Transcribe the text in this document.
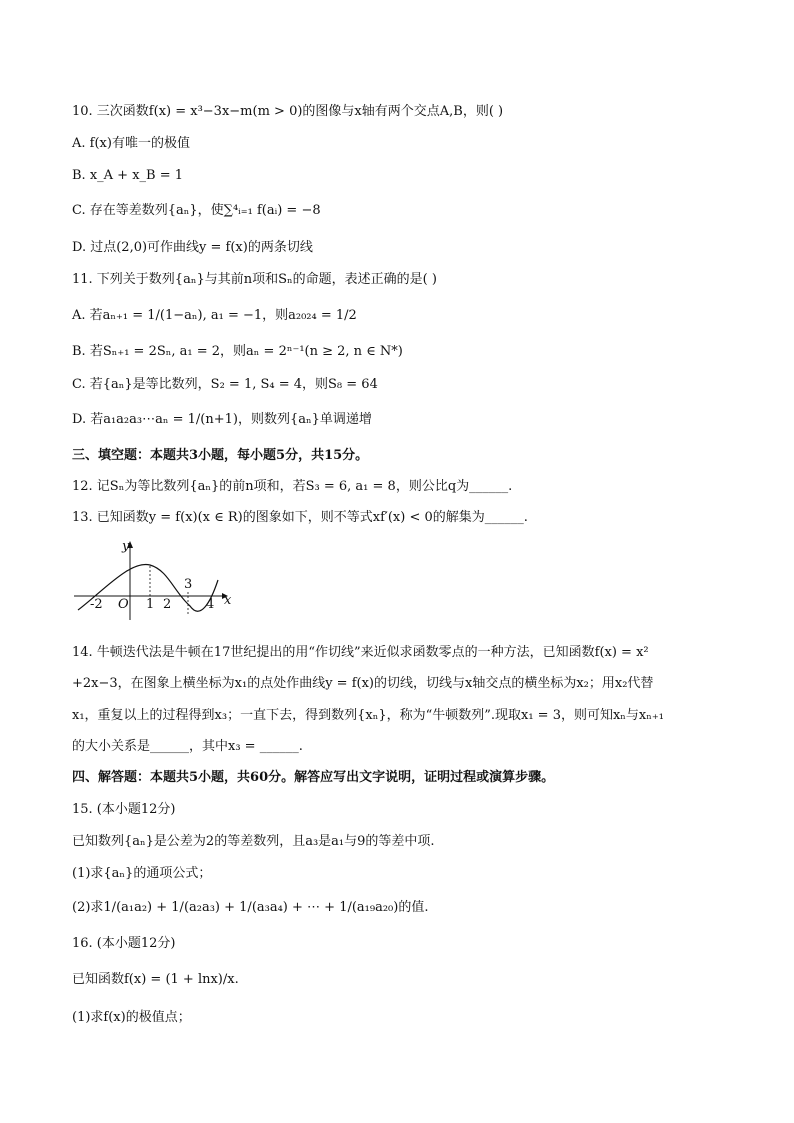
10. 三次函数f(x) = x³−3x−m(m > 0)的图像与x轴有两个交点A,B，则( )
A. f(x)有唯一的极值
B. x_A + x_B = 1
C. 存在等差数列{aₙ}，使∑⁴ᵢ₌₁ f(aᵢ) = −8
D. 过点(2,0)可作曲线y = f(x)的两条切线
11. 下列关于数列{aₙ}与其前n项和Sₙ的命题，表述正确的是( )
A. 若aₙ₊₁ = 1/(1−aₙ), a₁ = −1，则a₂₀₂₄ = 1/2
B. 若Sₙ₊₁ = 2Sₙ, a₁ = 2，则aₙ = 2ⁿ⁻¹(n ≥ 2, n ∈ N*)
C. 若{aₙ}是等比数列，S₂ = 1, S₄ = 4，则S₈ = 64
D. 若a₁a₂a₃⋯aₙ = 1/(n+1)，则数列{aₙ}单调递增
三、填空题：本题共3小题，每小题5分，共15分。
12. 记Sₙ为等比数列{aₙ}的前n项和，若S₃ = 6, a₁ = 8，则公比q为______.
13. 已知函数y = f(x)(x ∈ R)的图象如下，则不等式xf′(x) < 0的解集为______.
y
x
O
-2	1 2
3
4
14. 牛顿迭代法是牛顿在17世纪提出的用“作切线”来近似求函数零点的一种方法，已知函数f(x) = x²
+2x−3，在图象上横坐标为x₁的点处作曲线y = f(x)的切线，切线与x轴交点的横坐标为x₂；用x₂代替
x₁，重复以上的过程得到x₃；一直下去，得到数列{xₙ}，称为“牛顿数列”.现取x₁ = 3，则可知xₙ与xₙ₊₁
的大小关系是______，其中x₃ = ______.
四、解答题：本题共5小题，共60分。解答应写出文字说明，证明过程或演算步骤。
15. (本小题12分)
已知数列{aₙ}是公差为2的等差数列，且a₃是a₁与9的等差中项.
(1)求{aₙ}的通项公式；
(2)求1/(a₁a₂) + 1/(a₂a₃) + 1/(a₃a₄) + ⋯ + 1/(a₁₉a₂₀)的值.
16. (本小题12分)
已知函数f(x) = (1 + lnx)/x.
(1)求f(x)的极值点；
